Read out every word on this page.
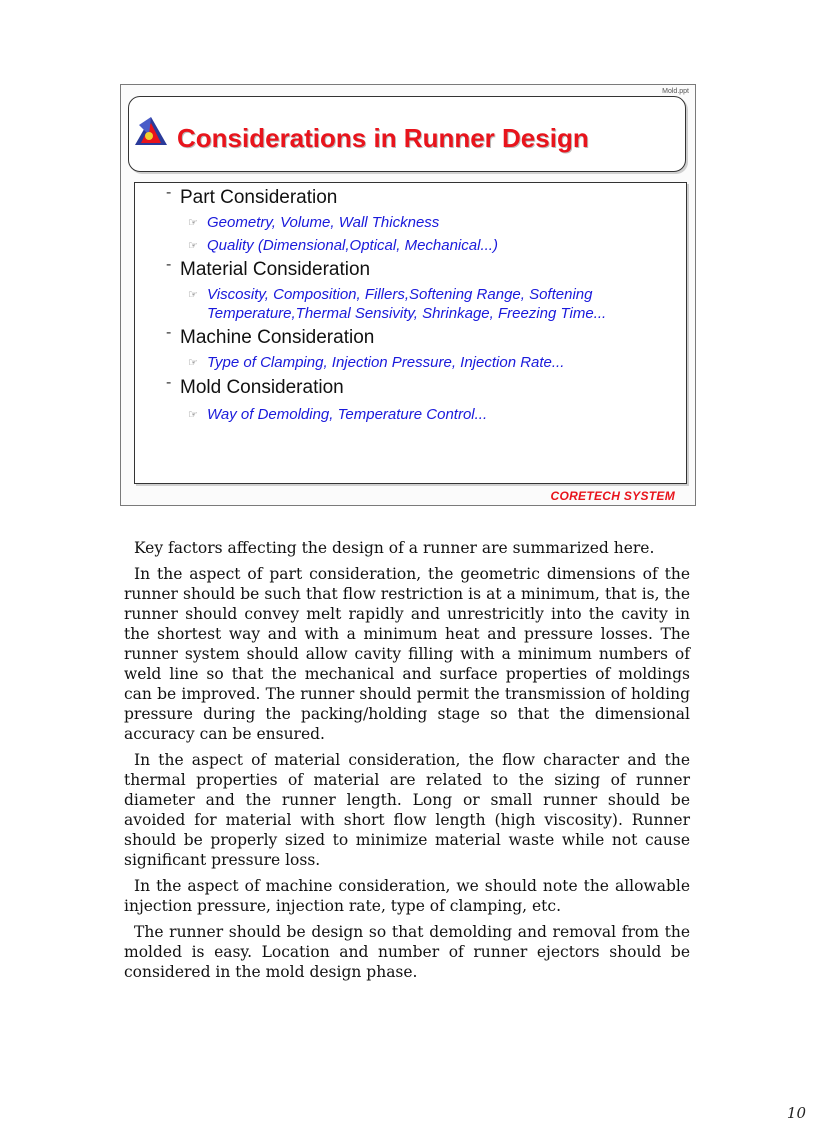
Mold.ppt
Considerations in Runner Design
- Part Consideration
☞ Geometry, Volume, Wall Thickness
☞ Quality (Dimensional,Optical, Mechanical...)
- Material Consideration
☞ Viscosity, Composition, Fillers,Softening Range, Softening Temperature,Thermal Sensivity, Shrinkage, Freezing Time...
- Machine Consideration
☞ Type of Clamping, Injection Pressure, Injection Rate...
- Mold Consideration
☞ Way of Demolding, Temperature Control...
CORETECH SYSTEM

Key factors affecting the design of a runner are summarized here.

In the aspect of part consideration, the geometric dimensions of the runner should be such that flow restriction is at a minimum, that is, the runner should convey melt rapidly and unrestricitly into the cavity in the shortest way and with a minimum heat and pressure losses. The runner system should allow cavity filling with a minimum numbers of weld line so that the mechanical and surface properties of moldings can be improved. The runner should permit the transmission of holding pressure during the packing/holding stage so that the dimensional accuracy can be ensured.

In the aspect of material consideration, the flow character and the thermal properties of material are related to the sizing of runner diameter and the runner length. Long or small runner should be avoided for material with short flow length (high viscosity). Runner should be properly sized to minimize material waste while not cause significant pressure loss.

In the aspect of machine consideration, we should note the allowable injection pressure, injection rate, type of clamping, etc.

The runner should be design so that demolding and removal from the molded is easy. Location and number of runner ejectors should be considered in the mold design phase.

10
